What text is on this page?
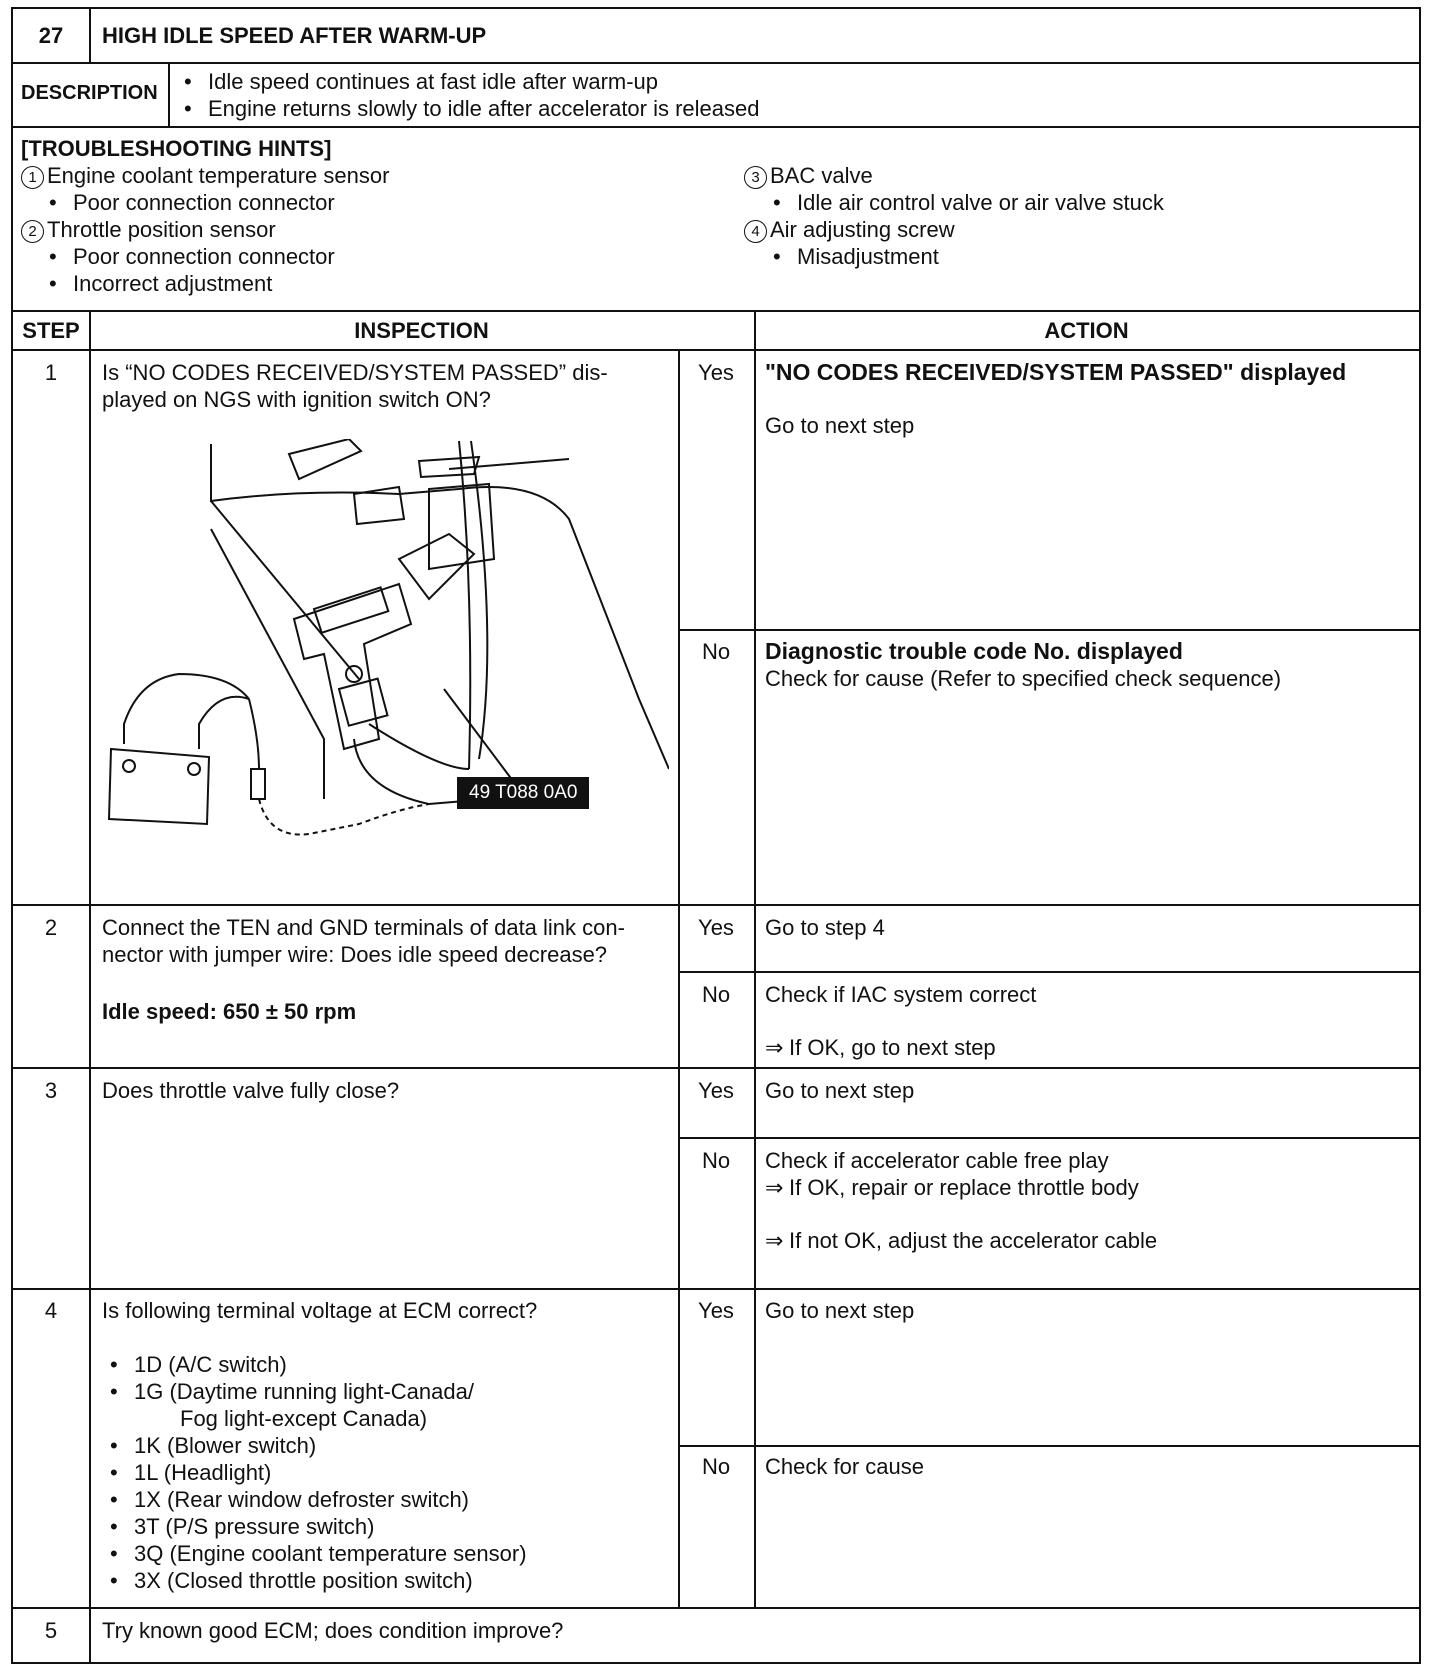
27	HIGH IDLE SPEED AFTER WARM-UP
DESCRIPTION
•	Idle speed continues at fast idle after warm-up
• Engine returns slowly to idle after accelerator is released
[TROUBLESHOOTING HINTS]
1 Engine coolant temperature sensor
• Poor connection connector
2 Throttle position sensor
• Poor connection connector
• Incorrect adjustment
3 BAC valve
• Idle air control valve or air valve stuck
4 Air adjusting screw
• Misadjustment
STEP	INSPECTION	ACTION
1	Is “NO CODES RECEIVED/SYSTEM PASSED” dis-
played on NGS with ignition switch ON?
49 T088 0A0
Yes	"NO CODES RECEIVED/SYSTEM PASSED" displayed
Go to next step
No	Diagnostic trouble code No. displayed
Check for cause (Refer to specified check sequence)
2	Connect the TEN and GND terminals of data link con-
nector with jumper wire: Does idle speed decrease?
Idle speed: 650 ± 50 rpm
Yes	Go to step 4
No	Check if IAC system correct
⇒ If OK, go to next step
3	Does throttle valve fully close?	Yes	Go to next step
No	Check if accelerator cable free play
⇒ If OK, repair or replace throttle body
⇒ If not OK, adjust the accelerator cable
4	Is following terminal voltage at ECM correct?
• 1D (A/C switch)
• 1G (Daytime running light-Canada/
Fog light-except Canada)
• 1K (Blower switch)
• 1L (Headlight)
• 1X (Rear window defroster switch)
• 3T (P/S pressure switch)
• 3Q (Engine coolant temperature sensor)
• 3X (Closed throttle position switch)
Yes	Go to next step
No	Check for cause
5	Try known good ECM; does condition improve?
